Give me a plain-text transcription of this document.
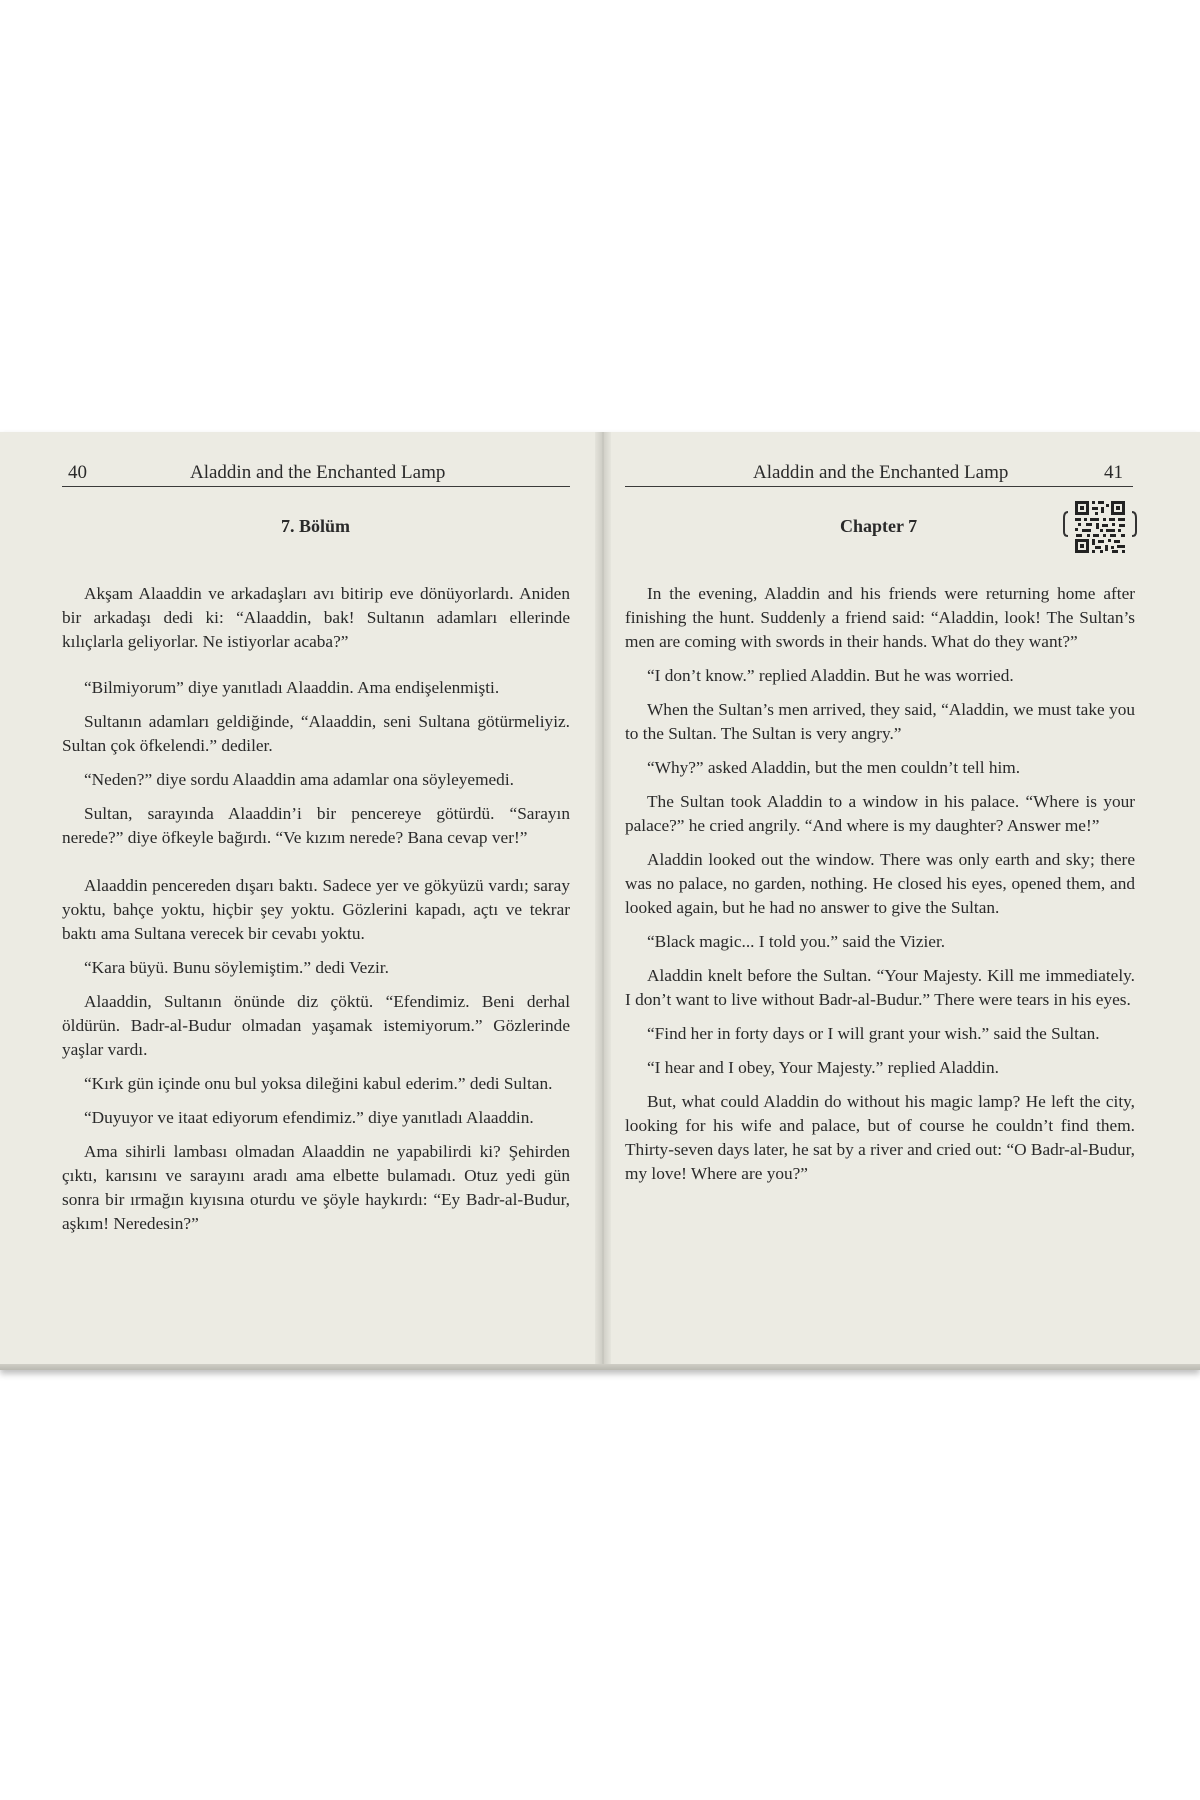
40	Aladdin and the Enchanted Lamp
7. Bölüm

Akşam Alaaddin ve arkadaşları avı bitirip eve dönüyorlardı. Aniden bir arkadaşı dedi ki: “Alaaddin, bak! Sultanın adamları ellerinde kılıçlarla geliyorlar. Ne istiyorlar acaba?”

“Bilmiyorum” diye yanıtladı Alaaddin. Ama endişelenmişti.

Sultanın adamları geldiğinde, “Alaaddin, seni Sultana götürmeliyiz. Sultan çok öfkelendi.” dediler.

“Neden?” diye sordu Alaaddin ama adamlar ona söyleyemedi.

Sultan, sarayında Alaaddin’i bir pencereye götürdü. “Sarayın nerede?” diye öfkeyle bağırdı. “Ve kızım nerede? Bana cevap ver!”

Alaaddin pencereden dışarı baktı. Sadece yer ve gökyüzü vardı; saray yoktu, bahçe yoktu, hiçbir şey yoktu. Gözlerini kapadı, açtı ve tekrar baktı ama Sultana verecek bir cevabı yoktu.

“Kara büyü. Bunu söylemiştim.” dedi Vezir.

Alaaddin, Sultanın önünde diz çöktü. “Efendimiz. Beni derhal öldürün. Badr-al-Budur olmadan yaşamak istemiyorum.” Gözlerinde yaşlar vardı.

“Kırk gün içinde onu bul yoksa dileğini kabul ederim.” dedi Sultan.

“Duyuyor ve itaat ediyorum efendimiz.” diye yanıtladı Alaaddin.

Ama sihirli lambası olmadan Alaaddin ne yapabilirdi ki? Şehirden çıktı, karısını ve sarayını aradı ama elbette bulamadı. Otuz yedi gün sonra bir ırmağın kıyısına oturdu ve şöyle haykırdı: “Ey Badr-al-Budur, aşkım! Neredesin?”

Aladdin and the Enchanted Lamp	41
Chapter 7

In the evening, Aladdin and his friends were returning home after finishing the hunt. Suddenly a friend said: “Aladdin, look! The Sultan’s men are coming with swords in their hands. What do they want?”

“I don’t know.” replied Aladdin. But he was worried.

When the Sultan’s men arrived, they said, “Aladdin, we must take you to the Sultan. The Sultan is very angry.”

“Why?” asked Aladdin, but the men couldn’t tell him.

The Sultan took Aladdin to a window in his palace. “Where is your palace?” he cried angrily. “And where is my daughter? Answer me!”

Aladdin looked out the window. There was only earth and sky; there was no palace, no garden, nothing. He closed his eyes, opened them, and looked again, but he had no answer to give the Sultan.

“Black magic... I told you.” said the Vizier.

Aladdin knelt before the Sultan. “Your Majesty. Kill me immediately. I don’t want to live without Badr-al-Budur.” There were tears in his eyes.

“Find her in forty days or I will grant your wish.” said the Sultan.

“I hear and I obey, Your Majesty.” replied Aladdin.

But, what could Aladdin do without his magic lamp? He left the city, looking for his wife and palace, but of course he couldn’t find them. Thirty-seven days later, he sat by a river and cried out: “O Badr-al-Budur, my love! Where are you?”
